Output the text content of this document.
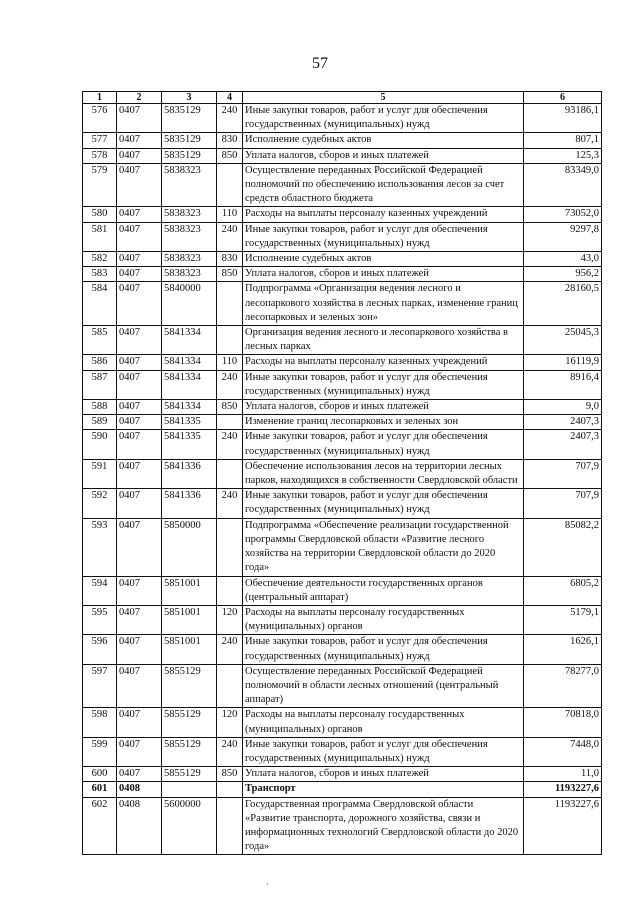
57
1	2	3	4	5	6
576	0407	5835129	240	Иные закупки товаров, работ и услуг для обеспечения государственных (муниципальных) нужд	93186,1
577	0407	5835129	830	Исполнение судебных актов	807,1
578	0407	5835129	850	Уплата налогов, сборов и иных платежей	125,3
579	0407	5838323		Осуществление переданных Российской Федерацией полномочий по обеспечению использования лесов за счет средств областного бюджета	83349,0
580	0407	5838323	110	Расходы на выплаты персоналу казенных учреждений	73052,0
581	0407	5838323	240	Иные закупки товаров, работ и услуг для обеспечения государственных (муниципальных) нужд	9297,8
582	0407	5838323	830	Исполнение судебных актов	43,0
583	0407	5838323	850	Уплата налогов, сборов и иных платежей	956,2
584	0407	5840000		Подпрограмма «Организация ведения лесного и лесопаркового хозяйства в лесных парках, изменение границ лесопарковых и зеленых зон»	28160,5
585	0407	5841334		Организация ведения лесного и лесопаркового хозяйства в лесных парках	25045,3
586	0407	5841334	110	Расходы на выплаты персоналу казенных учреждений	16119,9
587	0407	5841334	240	Иные закупки товаров, работ и услуг для обеспечения государственных (муниципальных) нужд	8916,4
588	0407	5841334	850	Уплата налогов, сборов и иных платежей	9,0
589	0407	5841335		Изменение границ лесопарковых и зеленых зон	2407,3
590	0407	5841335	240	Иные закупки товаров, работ и услуг для обеспечения государственных (муниципальных) нужд	2407,3
591	0407	5841336		Обеспечение использования лесов на территории лесных парков, находящихся в собственности Свердловской области	707,9
592	0407	5841336	240	Иные закупки товаров, работ и услуг для обеспечения государственных (муниципальных) нужд	707,9
593	0407	5850000		Подпрограмма «Обеспечение реализации государственной программы Свердловской области «Развитие лесного хозяйства на территории Свердловской области до 2020 года»	85082,2
594	0407	5851001		Обеспечение деятельности государственных органов (центральный аппарат)	6805,2
595	0407	5851001	120	Расходы на выплаты персоналу государственных (муниципальных) органов	5179,1
596	0407	5851001	240	Иные закупки товаров, работ и услуг для обеспечения государственных (муниципальных) нужд	1626,1
597	0407	5855129		Осуществление переданных Российской Федерацией полномочий в области лесных отношений (центральный аппарат)	78277,0
598	0407	5855129	120	Расходы на выплаты персоналу государственных (муниципальных) органов	70818,0
599	0407	5855129	240	Иные закупки товаров, работ и услуг для обеспечения государственных (муниципальных) нужд	7448,0
600	0407	5855129	850	Уплата налогов, сборов и иных платежей	11,0
601	0408			Транспорт	1193227,6
602	0408	5600000		Государственная программа Свердловской области «Развитие транспорта, дорожного хозяйства, связи и информационных технологий Свердловской области до 2020 года»	1193227,6
·
